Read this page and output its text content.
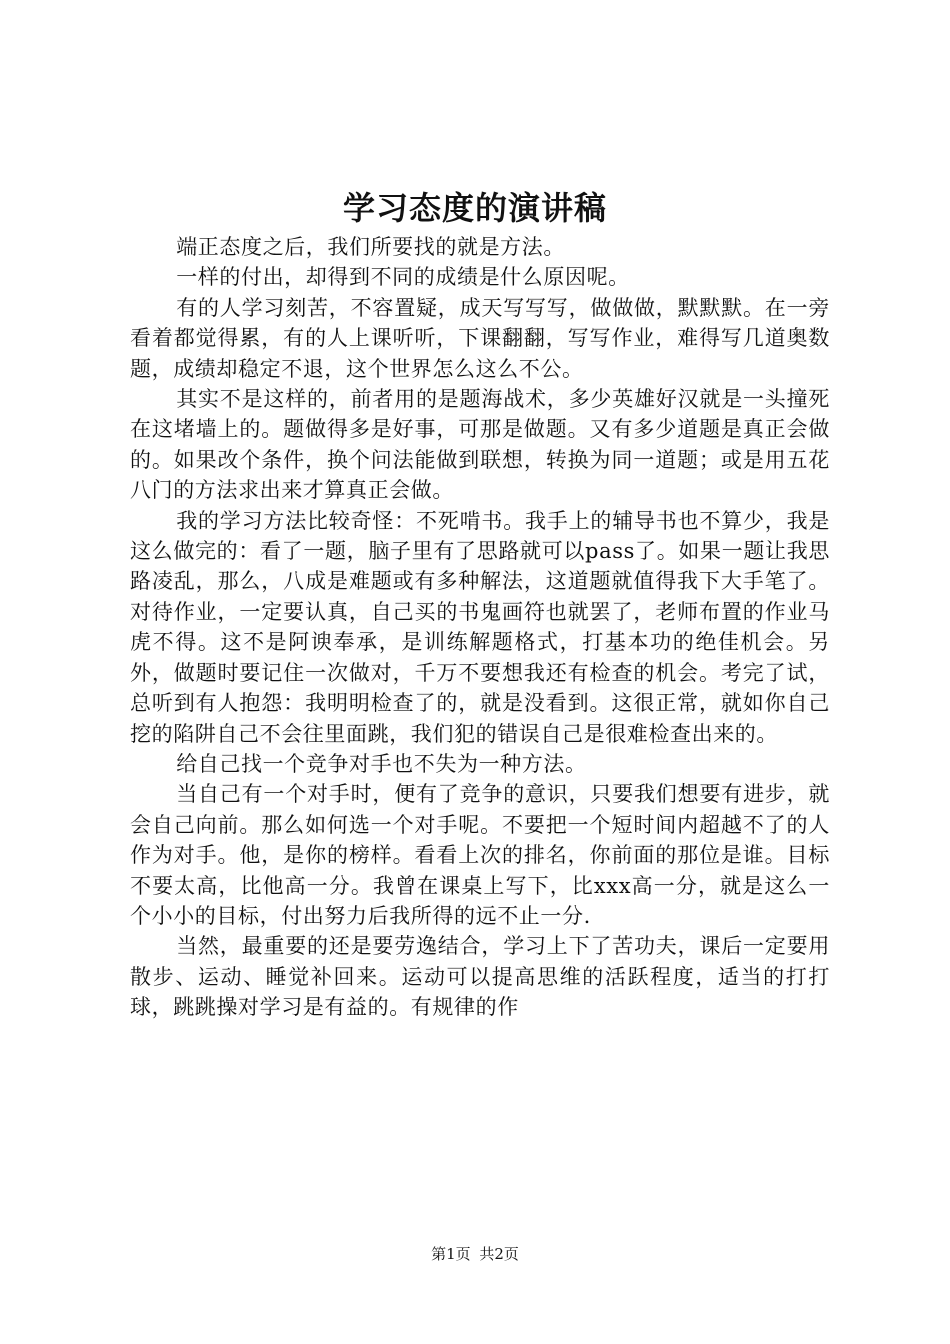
学习态度的演讲稿

端正态度之后，我们所要找的就是方法。

一样的付出，却得到不同的成绩是什么原因呢。

有的人学习刻苦，不容置疑，成天写写写，做做做，默默默。在一旁看着都觉得累，有的人上课听听，下课翻翻，写写作业，难得写几道奥数题，成绩却稳定不退，这个世界怎么这么不公。

其实不是这样的，前者用的是题海战术，多少英雄好汉就是一头撞死在这堵墙上的。题做得多是好事，可那是做题。又有多少道题是真正会做的。如果改个条件，换个问法能做到联想，转换为同一道题；或是用五花八门的方法求出来才算真正会做。

我的学习方法比较奇怪：不死啃书。我手上的辅导书也不算少，我是这么做完的：看了一题，脑子里有了思路就可以pass了。如果一题让我思路凌乱，那么，八成是难题或有多种解法，这道题就值得我下大手笔了。对待作业，一定要认真，自己买的书鬼画符也就罢了，老师布置的作业马虎不得。这不是阿谀奉承，是训练解题格式，打基本功的绝佳机会。另外，做题时要记住一次做对，千万不要想我还有检查的机会。考完了试，总听到有人抱怨：我明明检查了的，就是没看到。这很正常，就如你自己挖的陷阱自己不会往里面跳，我们犯的错误自己是很难检查出来的。

给自己找一个竞争对手也不失为一种方法。

当自己有一个对手时，便有了竞争的意识，只要我们想要有进步，就会自己向前。那么如何选一个对手呢。不要把一个短时间内超越不了的人作为对手。他，是你的榜样。看看上次的排名，你前面的那位是谁。目标不要太高，比他高一分。我曾在课桌上写下，比xxx高一分，就是这么一个小小的目标，付出努力后我所得的远不止一分.

当然，最重要的还是要劳逸结合，学习上下了苦功夫，课后一定要用散步、运动、睡觉补回来。运动可以提高思维的活跃程度，适当的打打球，跳跳操对学习是有益的。有规律的作

第1页 共2页
